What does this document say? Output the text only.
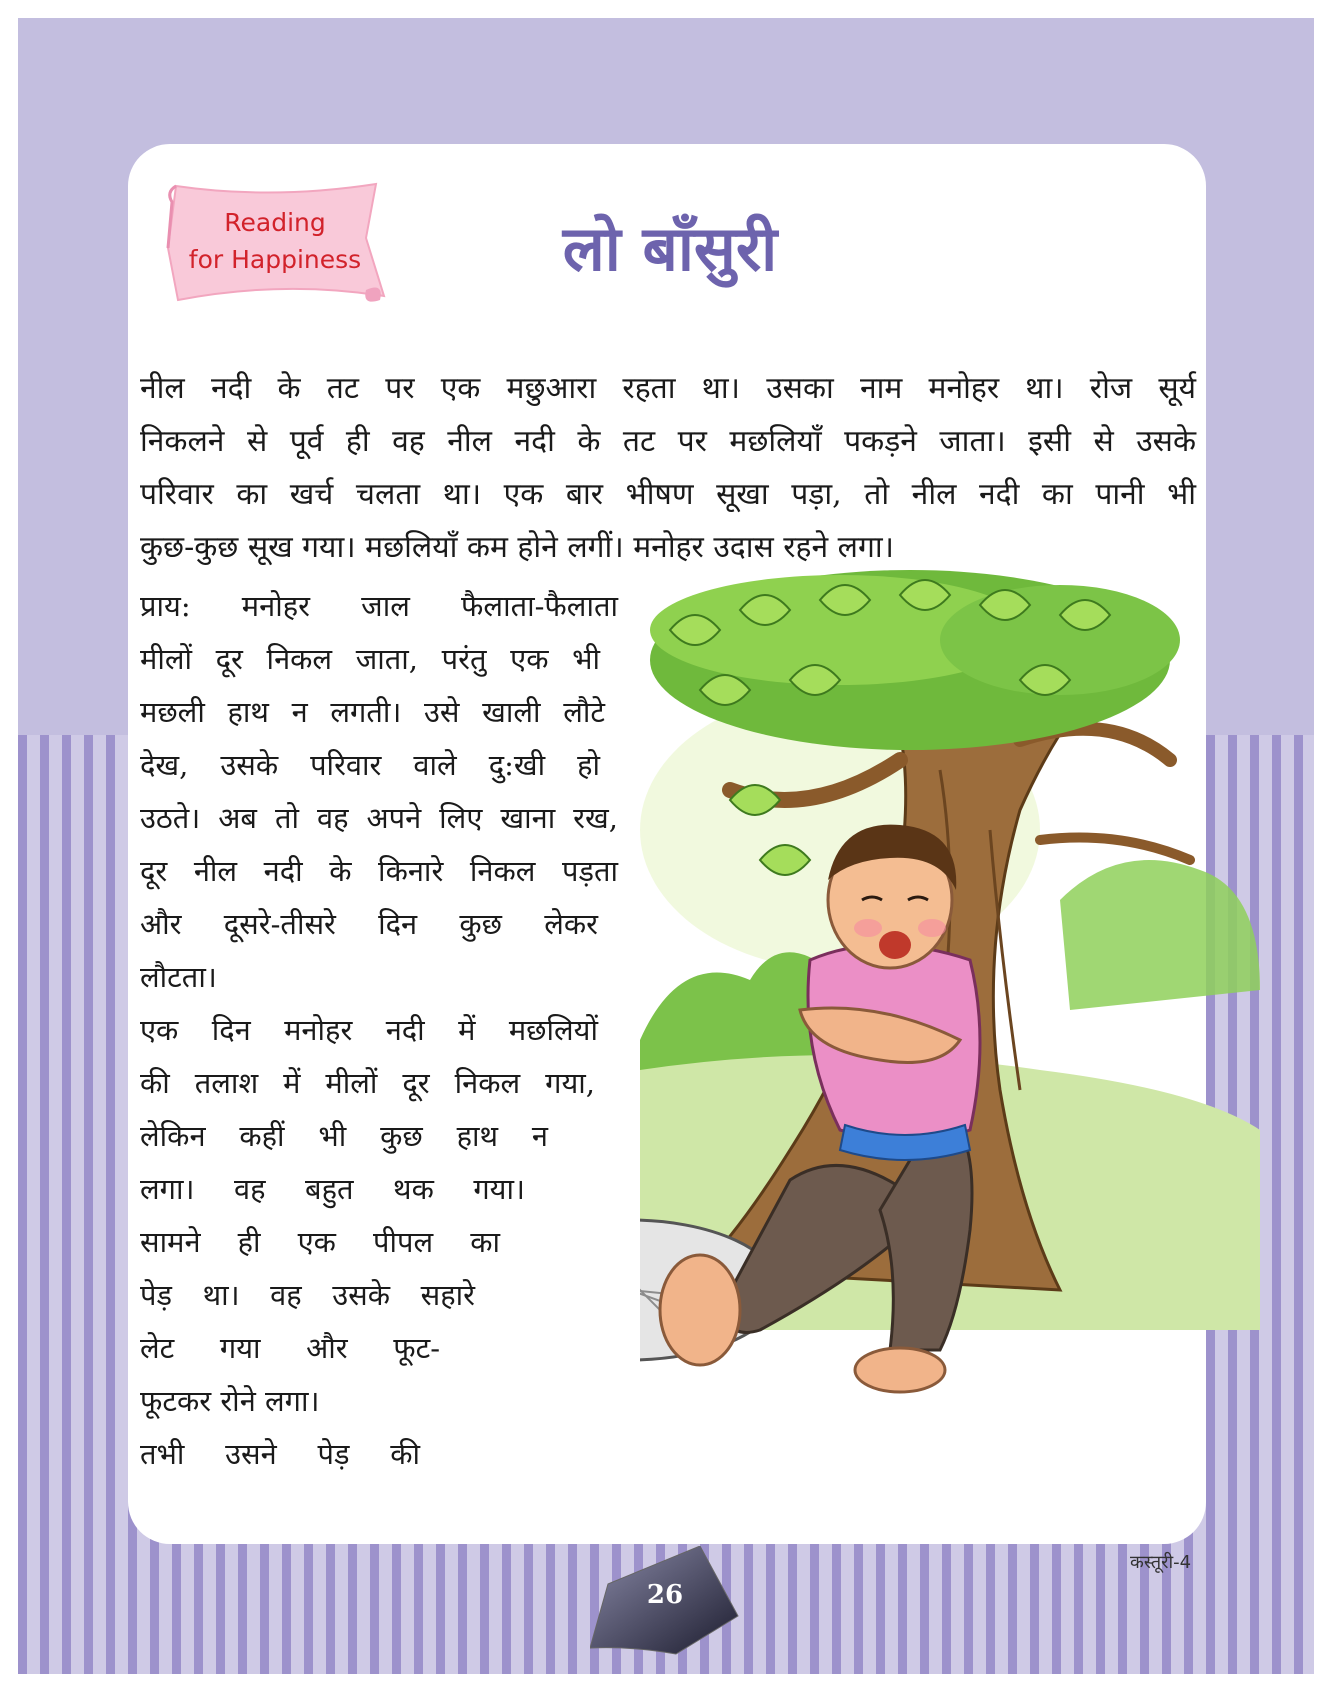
Reading
for Happiness	लो बाँसुरी
नील नदी के तट पर एक मछुआरा रहता था। उसका नाम मनोहर था। रोज सूर्य
निकलने से पूर्व ही वह नील नदी के तट पर मछलियाँ पकड़ने जाता। इसी से उसके
परिवार का खर्च चलता था। एक बार भीषण सूखा पड़ा, तो नील नदी का पानी भी
कुछ-कुछ सूख गया। मछलियाँ कम होने लगीं। मनोहर उदास रहने लगा।
प्राय: मनोहर जाल फैलाता-फैलाता
मीलों दूर निकल जाता, परंतु एक भी
मछली हाथ न लगती। उसे खाली लौटे
देख, उसके परिवार वाले दु:खी हो
उठते। अब तो वह अपने लिए खाना रख,
दूर नील नदी के किनारे निकल पड़ता
और दूसरे-तीसरे दिन कुछ लेकर
लौटता।
एक दिन मनोहर नदी में मछलियों
की तलाश में मीलों दूर निकल गया,
लेकिन कहीं भी कुछ हाथ न
लगा। वह बहुत थक गया।
सामने ही एक पीपल का
पेड़ था। वह उसके सहारे
लेट गया और फूट-
फूटकर रोने लगा।
तभी उसने पेड़ की
26
कस्तूरी-4
